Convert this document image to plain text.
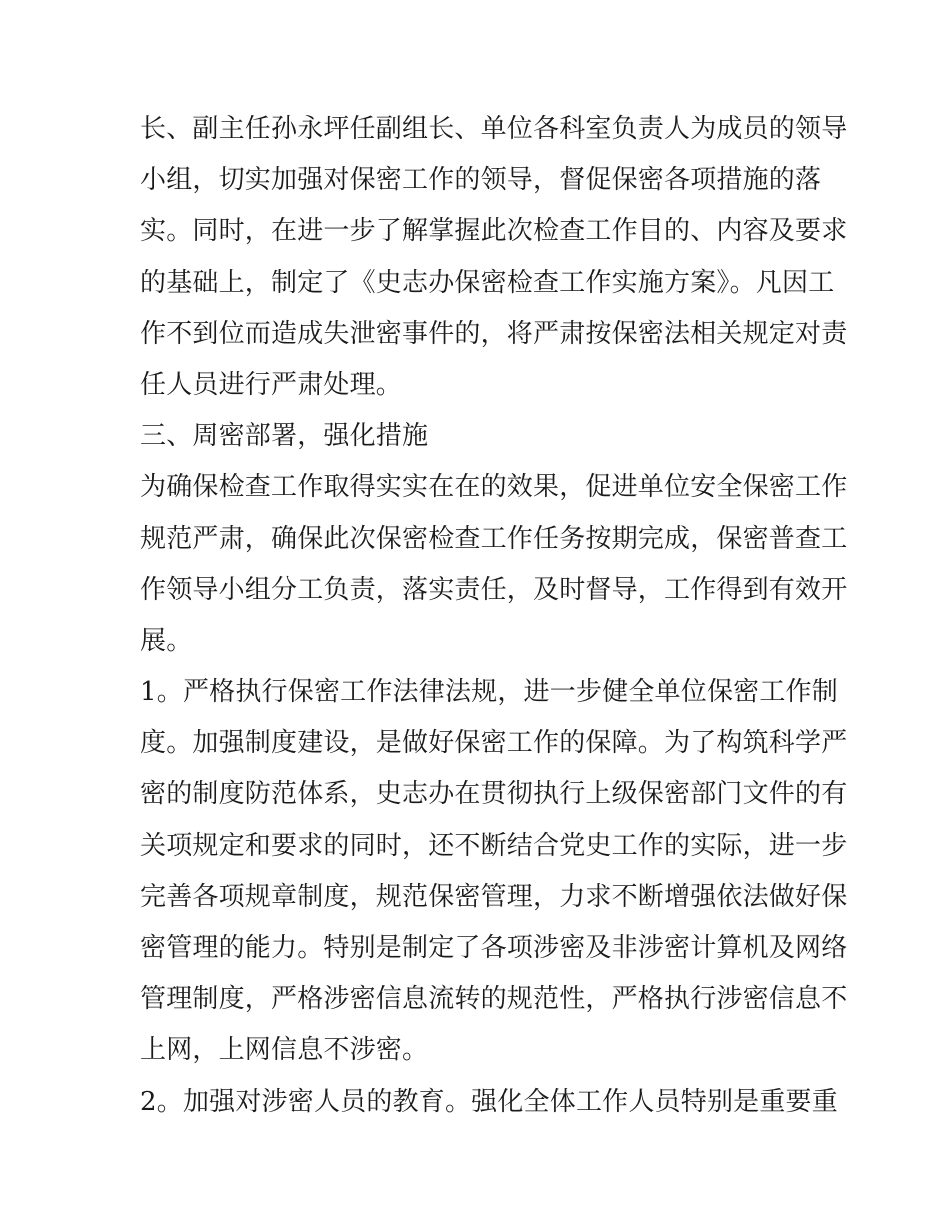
长、副主任孙永坪任副组长、单位各科室负责人为成员的领导
小组，切实加强对保密工作的领导，督促保密各项措施的落
实。同时，在进一步了解掌握此次检查工作目的、内容及要求
的基础上，制定了《史志办保密检查工作实施方案》。凡因工
作不到位而造成失泄密事件的，将严肃按保密法相关规定对责
任人员进行严肃处理。
三、周密部署，强化措施
为确保检查工作取得实实在在的效果，促进单位安全保密工作
规范严肃，确保此次保密检查工作任务按期完成，保密普查工
作领导小组分工负责，落实责任，及时督导，工作得到有效开
展。
1。严格执行保密工作法律法规，进一步健全单位保密工作制
度。加强制度建设，是做好保密工作的保障。为了构筑科学严
密的制度防范体系，史志办在贯彻执行上级保密部门文件的有
关项规定和要求的同时，还不断结合党史工作的实际，进一步
完善各项规章制度，规范保密管理，力求不断增强依法做好保
密管理的能力。特别是制定了各项涉密及非涉密计算机及网络
管理制度，严格涉密信息流转的规范性，严格执行涉密信息不
上网，上网信息不涉密。
2。加强对涉密人员的教育。强化全体工作人员特别是重要重
